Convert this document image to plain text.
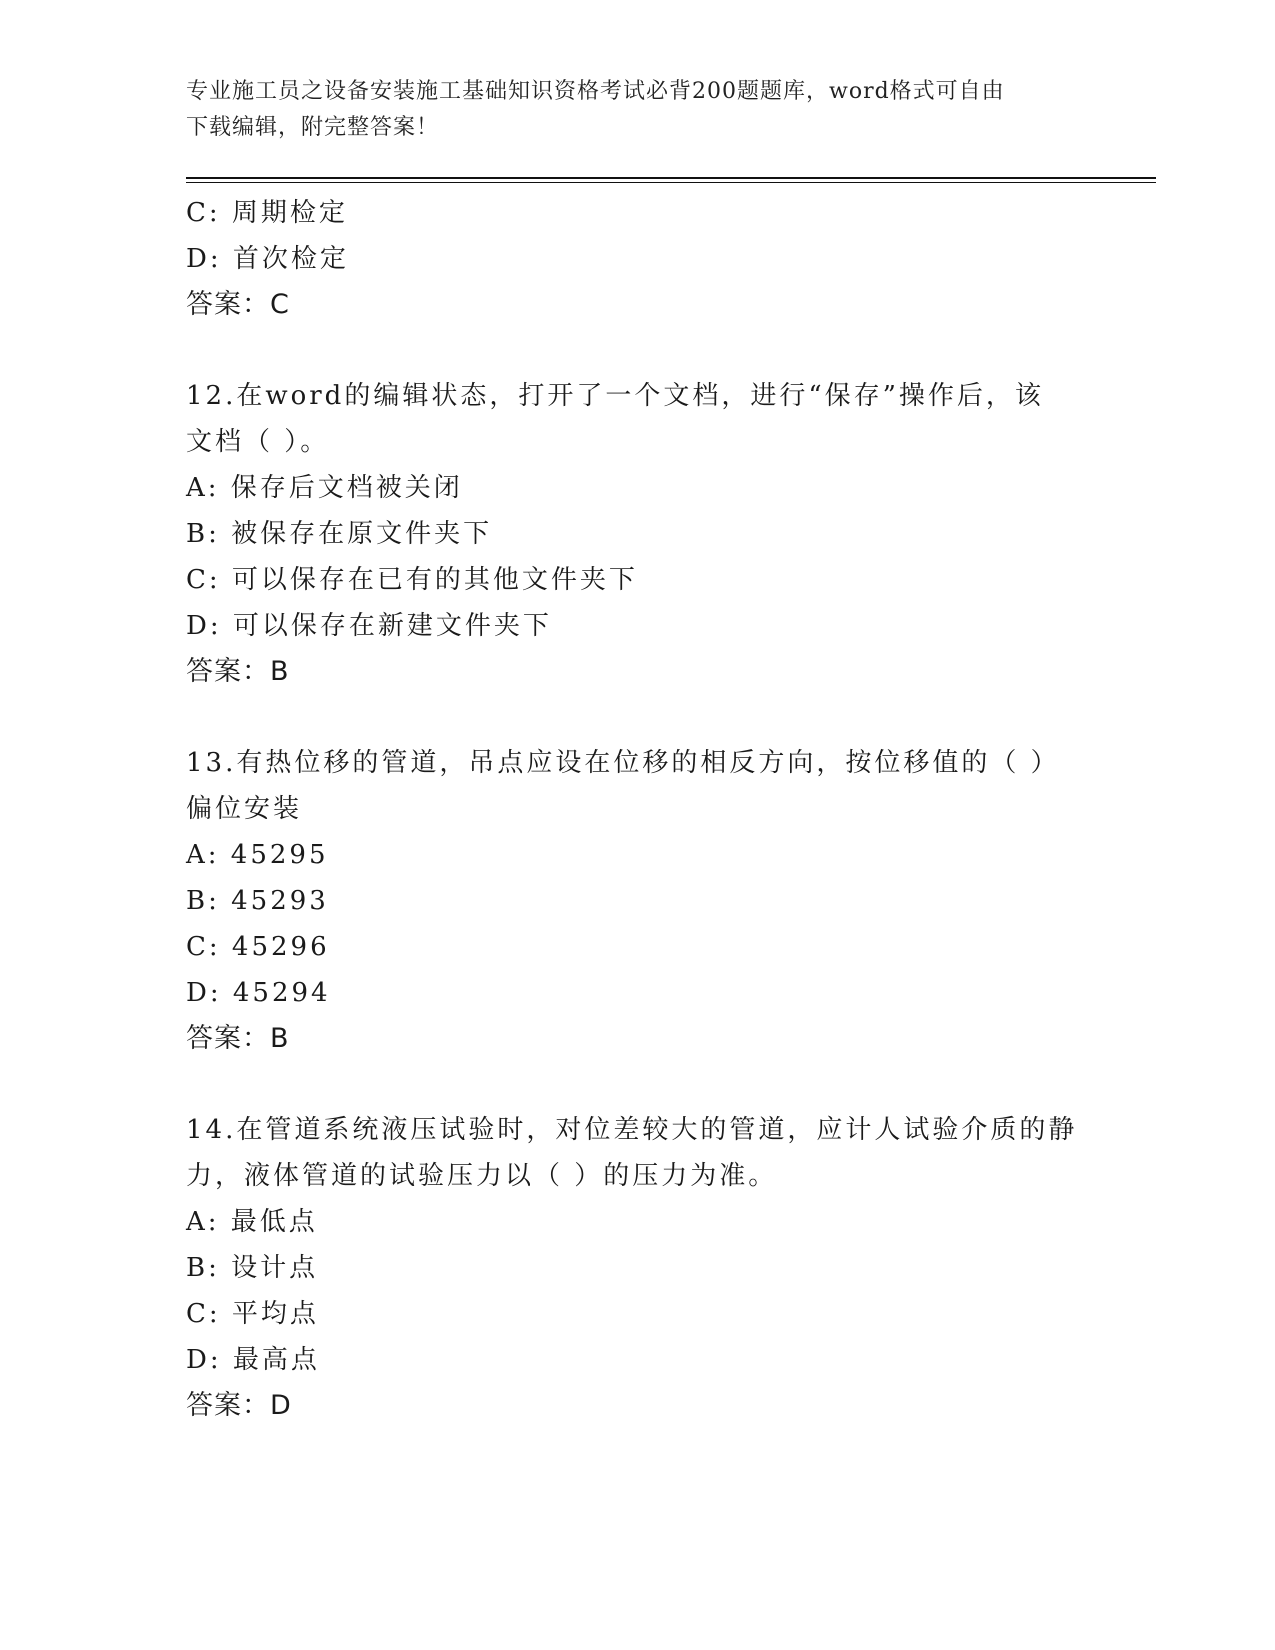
专业施工员之设备安装施工基础知识资格考试必背200题题库，word格式可自由
下载编辑，附完整答案！
C: 周期检定
D: 首次检定
答案：C
12.在word的编辑状态，打开了一个文档，进行“保存”操作后，该
文档（ ）。
A: 保存后文档被关闭
B: 被保存在原文件夹下
C: 可以保存在已有的其他文件夹下
D: 可以保存在新建文件夹下
答案：B
13.有热位移的管道，吊点应设在位移的相反方向，按位移值的（ ）
偏位安装
A: 45295
B: 45293
C: 45296
D: 45294
答案：B
14.在管道系统液压试验时，对位差较大的管道，应计人试验介质的静
力，液体管道的试验压力以（ ）的压力为准。
A: 最低点
B: 设计点
C: 平均点
D: 最高点
答案：D
